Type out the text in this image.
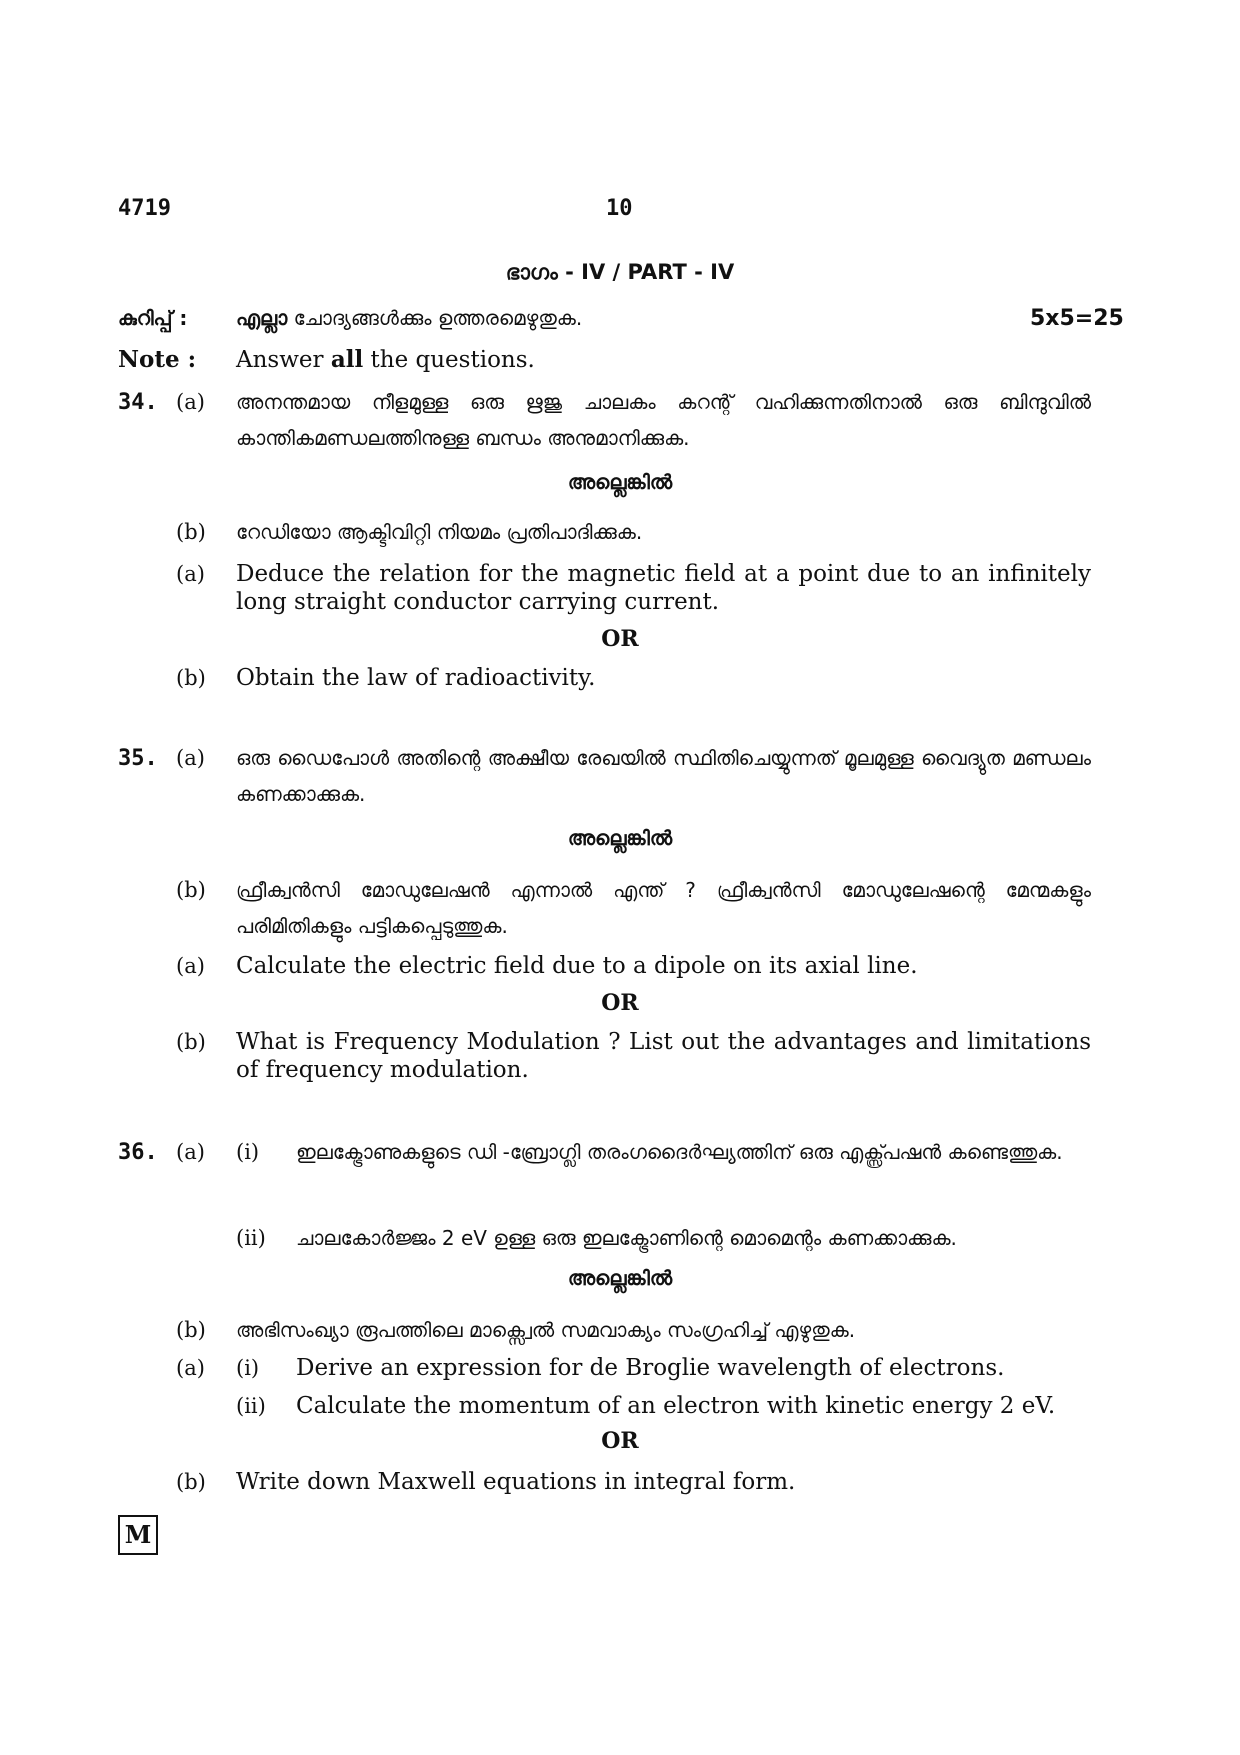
4719	10
ഭാഗം - IV / PART - IV
കുറിപ്പ് : എല്ലാ ചോദ്യങ്ങൾക്കും ഉത്തരമെഴുതുക.	5x5=25
Note : Answer all the questions.
34. (a) അനന്തമായ നീളമുള്ള ഒരു ഋജു ചാലകം കറന്റ് വഹിക്കുന്നതിനാൽ ഒരു ബിന്ദുവിൽ കാന്തികമണ്ഡലത്തിനുള്ള ബന്ധം അനുമാനിക്കുക.
അല്ലെങ്കിൽ
(b) റേഡിയോ ആക്ടിവിറ്റി നിയമം പ്രതിപാദിക്കുക.
(a) Deduce the relation for the magnetic field at a point due to an infinitely long straight conductor carrying current.
OR
(b) Obtain the law of radioactivity.
35. (a) ഒരു ഡൈപോൾ അതിന്റെ അക്ഷീയ രേഖയിൽ സ്ഥിതിചെയ്യുന്നത് മൂലമുള്ള വൈദ്യുത മണ്ഡലം കണക്കാക്കുക.
അല്ലെങ്കിൽ
(b) ഫ്രീക്വൻസി മോഡുലേഷൻ എന്നാൽ എന്ത് ? ഫ്രീക്വൻസി മോഡുലേഷന്റെ മേന്മകളും പരിമിതികളും പട്ടികപ്പെടുത്തുക.
(a) Calculate the electric field due to a dipole on its axial line.
OR
(b) What is Frequency Modulation ? List out the advantages and limitations of frequency modulation.
36. (a) (i) ഇലക്ട്രോണുകളുടെ ഡി -ബ്രോഗ്ലി തരംഗദൈർഘ്യത്തിന് ഒരു എക്സ്പ്രഷൻ കണ്ടെത്തുക.
(ii) ചാലകോർജ്ജം 2 eV ഉള്ള ഒരു ഇലക്ട്രോണിന്റെ മൊമെന്റം കണക്കാക്കുക.
അല്ലെങ്കിൽ
(b) അഭിസംഖ്യാ രൂപത്തിലെ മാക്സ്വെൽ സമവാക്യം സംഗ്രഹിച്ച് എഴുതുക.
(a) (i) Derive an expression for de Broglie wavelength of electrons.
(ii) Calculate the momentum of an electron with kinetic energy 2 eV.
OR
(b) Write down Maxwell equations in integral form.
M
